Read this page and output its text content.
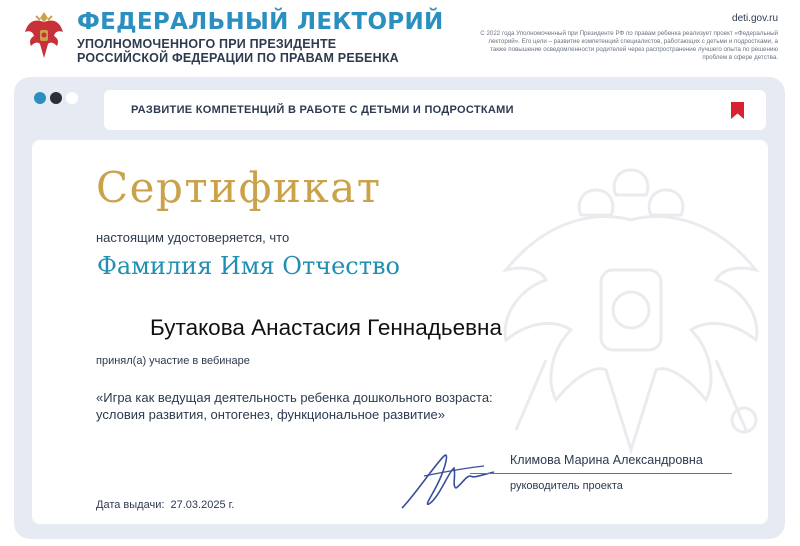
ФЕДЕРАЛЬНЫЙ ЛЕКТОРИЙ
УПОЛНОМОЧЕННОГО ПРИ ПРЕЗИДЕНТЕ
РОССИЙСКОЙ ФЕДЕРАЦИИ ПО ПРАВАМ РЕБЕНКА
deti.gov.ru
С 2022 года Уполномоченный при Президенте РФ по правам ребенка реализует проект «Федеральный лекторий». Его цели – развитие компетенций специалистов, работающих с детьми и подростками, а также повышение осведомленности родителей через распространение лучшего опыта по решению проблем в сфере детства.
РАЗВИТИЕ КОМПЕТЕНЦИЙ В РАБОТЕ С ДЕТЬМИ И ПОДРОСТКАМИ
Сертификат
настоящим удостоверяется, что
Фамилия Имя Отчество
Бутакова Анастасия Геннадьевна
принял(а) участие в вебинаре
«Игра как ведущая деятельность ребенка дошкольного возраста: условия развития, онтогенез, функциональное развитие»
Климова Марина Александровна
руководитель проекта
Дата выдачи: 27.03.2025 г.
